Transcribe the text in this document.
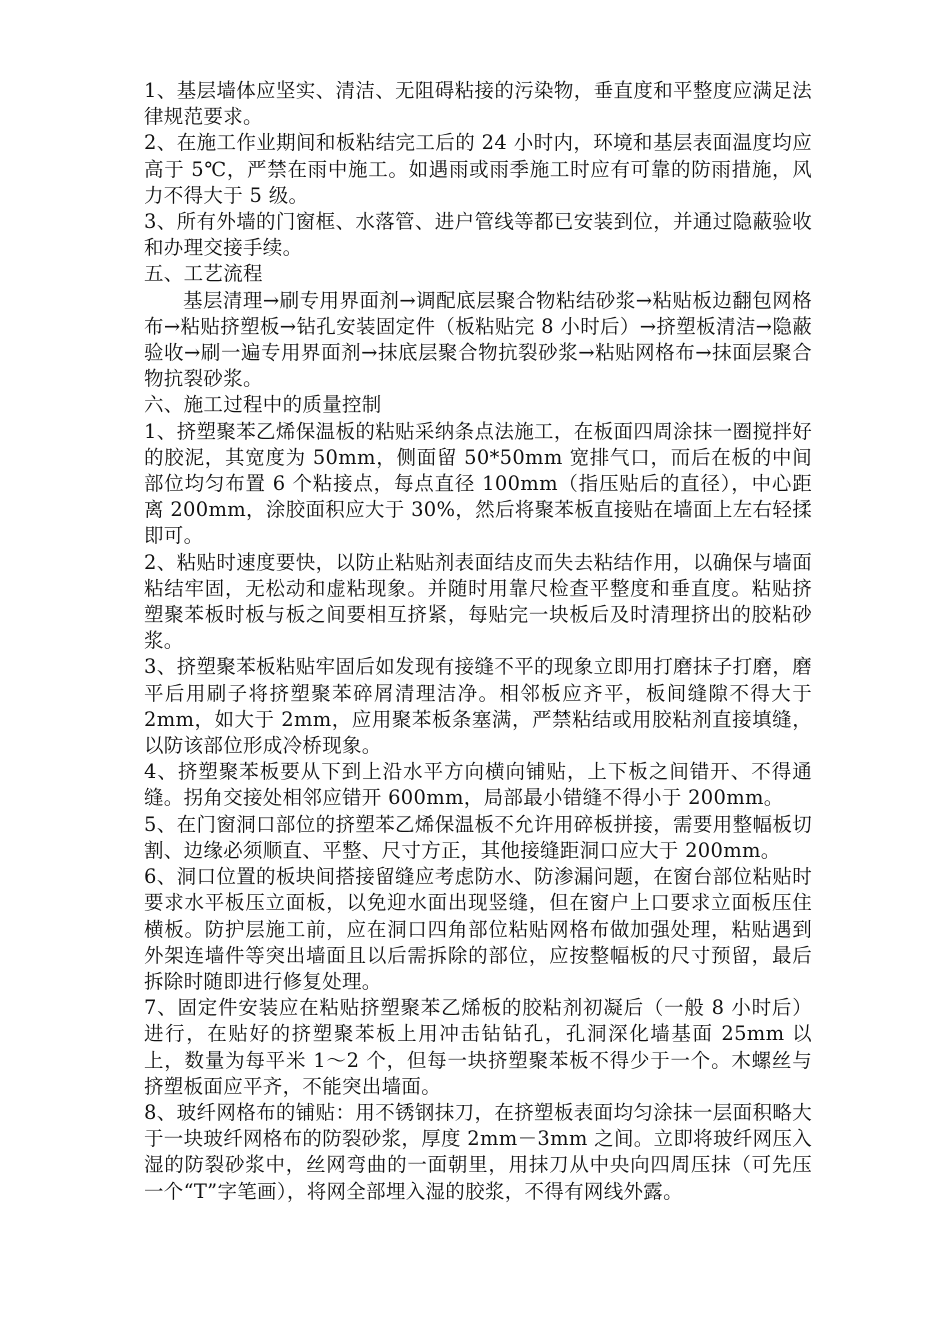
1、基层墙体应坚实、清洁、无阻碍粘接的污染物，垂直度和平整度应满足法律规范要求。

2、在施工作业期间和板粘结完工后的 24 小时内，环境和基层表面温度均应高于 5℃，严禁在雨中施工。如遇雨或雨季施工时应有可靠的防雨措施，风力不得大于 5 级。

3、所有外墙的门窗框、水落管、进户管线等都已安装到位，并通过隐蔽验收和办理交接手续。

五、工艺流程

基层清理→刷专用界面剂→调配底层聚合物粘结砂浆→粘贴板边翻包网格布→粘贴挤塑板→钻孔安装固定件（板粘贴完 8 小时后）→挤塑板清洁→隐蔽验收→刷一遍专用界面剂→抹底层聚合物抗裂砂浆→粘贴网格布→抹面层聚合物抗裂砂浆。

六、施工过程中的质量控制

1、挤塑聚苯乙烯保温板的粘贴采纳条点法施工，在板面四周涂抹一圈搅拌好的胶泥，其宽度为 50mm，侧面留 50*50mm 宽排气口，而后在板的中间部位均匀布置 6 个粘接点，每点直径 100mm（指压贴后的直径），中心距离 200mm，涂胶面积应大于 30%，然后将聚苯板直接贴在墙面上左右轻揉即可。

2、粘贴时速度要快，以防止粘贴剂表面结皮而失去粘结作用，以确保与墙面粘结牢固，无松动和虚粘现象。并随时用靠尺检查平整度和垂直度。粘贴挤塑聚苯板时板与板之间要相互挤紧，每贴完一块板后及时清理挤出的胶粘砂浆。

3、挤塑聚苯板粘贴牢固后如发现有接缝不平的现象立即用打磨抹子打磨，磨平后用刷子将挤塑聚苯碎屑清理洁净。相邻板应齐平，板间缝隙不得大于 2mm，如大于 2mm，应用聚苯板条塞满，严禁粘结或用胶粘剂直接填缝，以防该部位形成冷桥现象。

4、挤塑聚苯板要从下到上沿水平方向横向铺贴，上下板之间错开、不得通缝。拐角交接处相邻应错开 600mm，局部最小错缝不得小于 200mm。

5、在门窗洞口部位的挤塑苯乙烯保温板不允许用碎板拼接，需要用整幅板切割、边缘必须顺直、平整、尺寸方正，其他接缝距洞口应大于 200mm。

6、洞口位置的板块间搭接留缝应考虑防水、防渗漏问题，在窗台部位粘贴时要求水平板压立面板，以免迎水面出现竖缝，但在窗户上口要求立面板压住横板。防护层施工前，应在洞口四角部位粘贴网格布做加强处理，粘贴遇到外架连墙件等突出墙面且以后需拆除的部位，应按整幅板的尺寸预留，最后拆除时随即进行修复处理。

7、固定件安装应在粘贴挤塑聚苯乙烯板的胶粘剂初凝后（一般 8 小时后）进行，在贴好的挤塑聚苯板上用冲击钻钻孔，孔洞深化墙基面 25mm 以上，数量为每平米 1～2 个，但每一块挤塑聚苯板不得少于一个。木螺丝与挤塑板面应平齐，不能突出墙面。

8、玻纤网格布的铺贴：用不锈钢抹刀，在挤塑板表面均匀涂抹一层面积略大于一块玻纤网格布的防裂砂浆，厚度 2mm－3mm 之间。立即将玻纤网压入湿的防裂砂浆中，丝网弯曲的一面朝里，用抹刀从中央向四周压抹（可先压一个“T”字笔画），将网全部埋入湿的胶浆，不得有网线外露。
